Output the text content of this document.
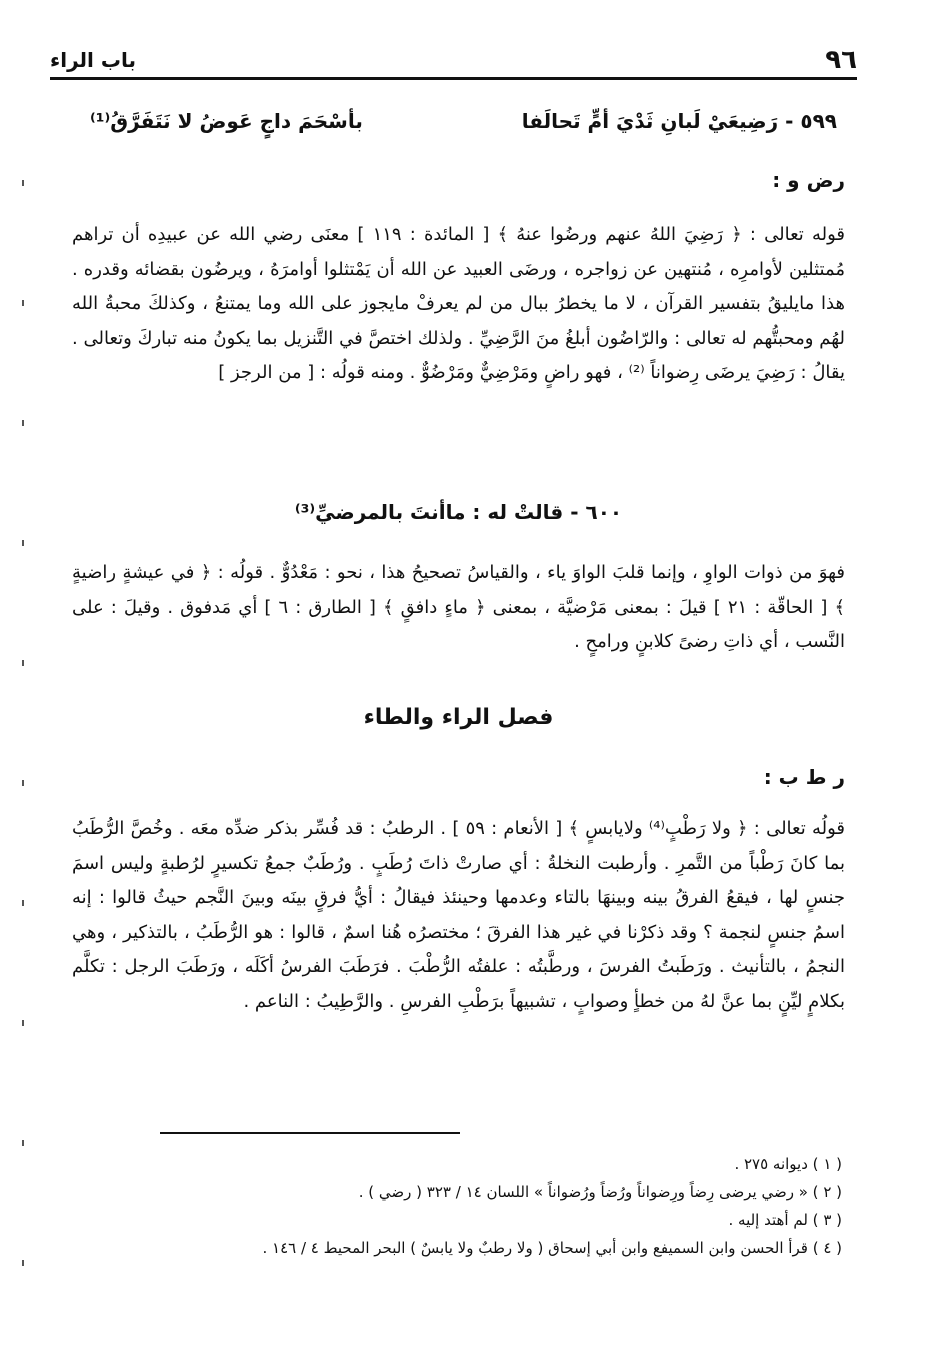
٩٦
باب الراء
٥٩٩ - رَضِيعَيْ لَبانِ ثَدْيَ أمٍّ تَحالَفا
بأسْحَمَ داجٍ عَوضُ لا نَتَفَرَّقُ⁽¹⁾
رض و :
قوله تعالى : ﴿ رَضِيَ اللهُ عنهم ورضُوا عنهُ ﴾ [ المائدة : ١١٩ ] معنَى رضي الله عن عبيدِه أن تراهم مُمتثلين لأوامرِه ، مُنتهين عن زواجره ، ورضَى العبيد عن الله أن يَمْتثلوا أوامرَهُ ، ويرضُون بقضائه وقدره . هذا مايليقُ بتفسير القرآن ، لا ما يخطرُ ببال من لم يعرفْ مايجوز على الله وما يمتنعُ ، وكذلكَ محبةُ الله لهُم ومحبتُّهم له تعالى : والرّاضُون أبلغُ منَ الرَّضِيِّ . ولذلك اختصَّ في التَّنزيل بما يكونُ منه تباركَ وتعالى . يقالُ : رَضِيَ يرضَى رِضواناً ⁽²⁾ ، فهو راضٍ ومَرْضِيٌّ ومَرْضُوٌّ . ومنه قولُه : [ من الرجز ]
٦٠٠ - قالتْ له : ماأنتَ بالمرضيِّ⁽³⁾
فهوَ من ذوات الواوِ ، وإنما قلبَ الواوَ ياء ، والقياسُ تصحيحُ هذا ، نحو : مَعْدُوٌّ . قولُه : ﴿ في عيشةٍ راضيةٍ ﴾ [ الحاقّة : ٢١ ] قيلَ : بمعنى مَرْضيَّة ، بمعنى ﴿ ماءٍ دافقٍ ﴾ [ الطارق : ٦ ] أي مَدفوق . وقيلَ : على النَّسب ، أي ذاتِ رضىً كلابنٍ ورامحٍ .
فصل الراء والطاء
ر ط ب :
قولُه تعالى : ﴿ ولا رَطْبٍ⁽⁴⁾ ولايابسٍ ﴾ [ الأنعام : ٥٩ ] . الرطبُ : قد فُسِّر بذكر ضدِّه معَه . وخُصَّ الرُّطَبُ بما كانَ رَطْباً من التَّمرِ . وأرطبت النخلةُ : أي صارتْ ذاتَ رُطَبٍ . ورُطَبٌ جمعُ تكسيرٍ لرُطبةٍ وليس اسمَ جنسٍ لها ، فيقعُ الفرقُ بينه وبينهَا بالتاء وعدمها وحينئذ فيقالُ : أيُّ فرقٍ بينَه وبينَ النَّجم حيثُ قالوا : إنه اسمُ جنسٍ لنجمة ؟ وقد ذكرْنا في غير هذا الفرقَ ؛ مختصرُه هُنا اسمٌ ، قالوا : هو الرُّطَبُ ، بالتذكير ، وهي النجمُ ، بالتأنيث . ورَطَبتُ الفرسَ ، ورطَّبتُه : علفتُه الرُّطْبَ . فرَطَبَ الفرسُ أكَلَه ، ورَطَبَ الرجل : تكلَّم بكلامٍ ليِّنٍ بما عنَّ لهُ من خطأٍ وصوابٍ ، تشبيهاً برَطْبِ الفرسِ . والرَّطِيبُ : الناعم .
( ١ ) ديوانه ٢٧٥ .
( ٢ ) « رضي يرضى رِضاً ورِضواناً ورُضاً ورُضواناً » اللسان ١٤ / ٣٢٣ ( رضي ) .
( ٣ ) لم أهتد إليه .
( ٤ ) قرأ الحسن وابن السميفع وابن أبي إسحاق ( ولا رطبٌ ولا يابسٌ ) البحر المحيط ٤ / ١٤٦ .
